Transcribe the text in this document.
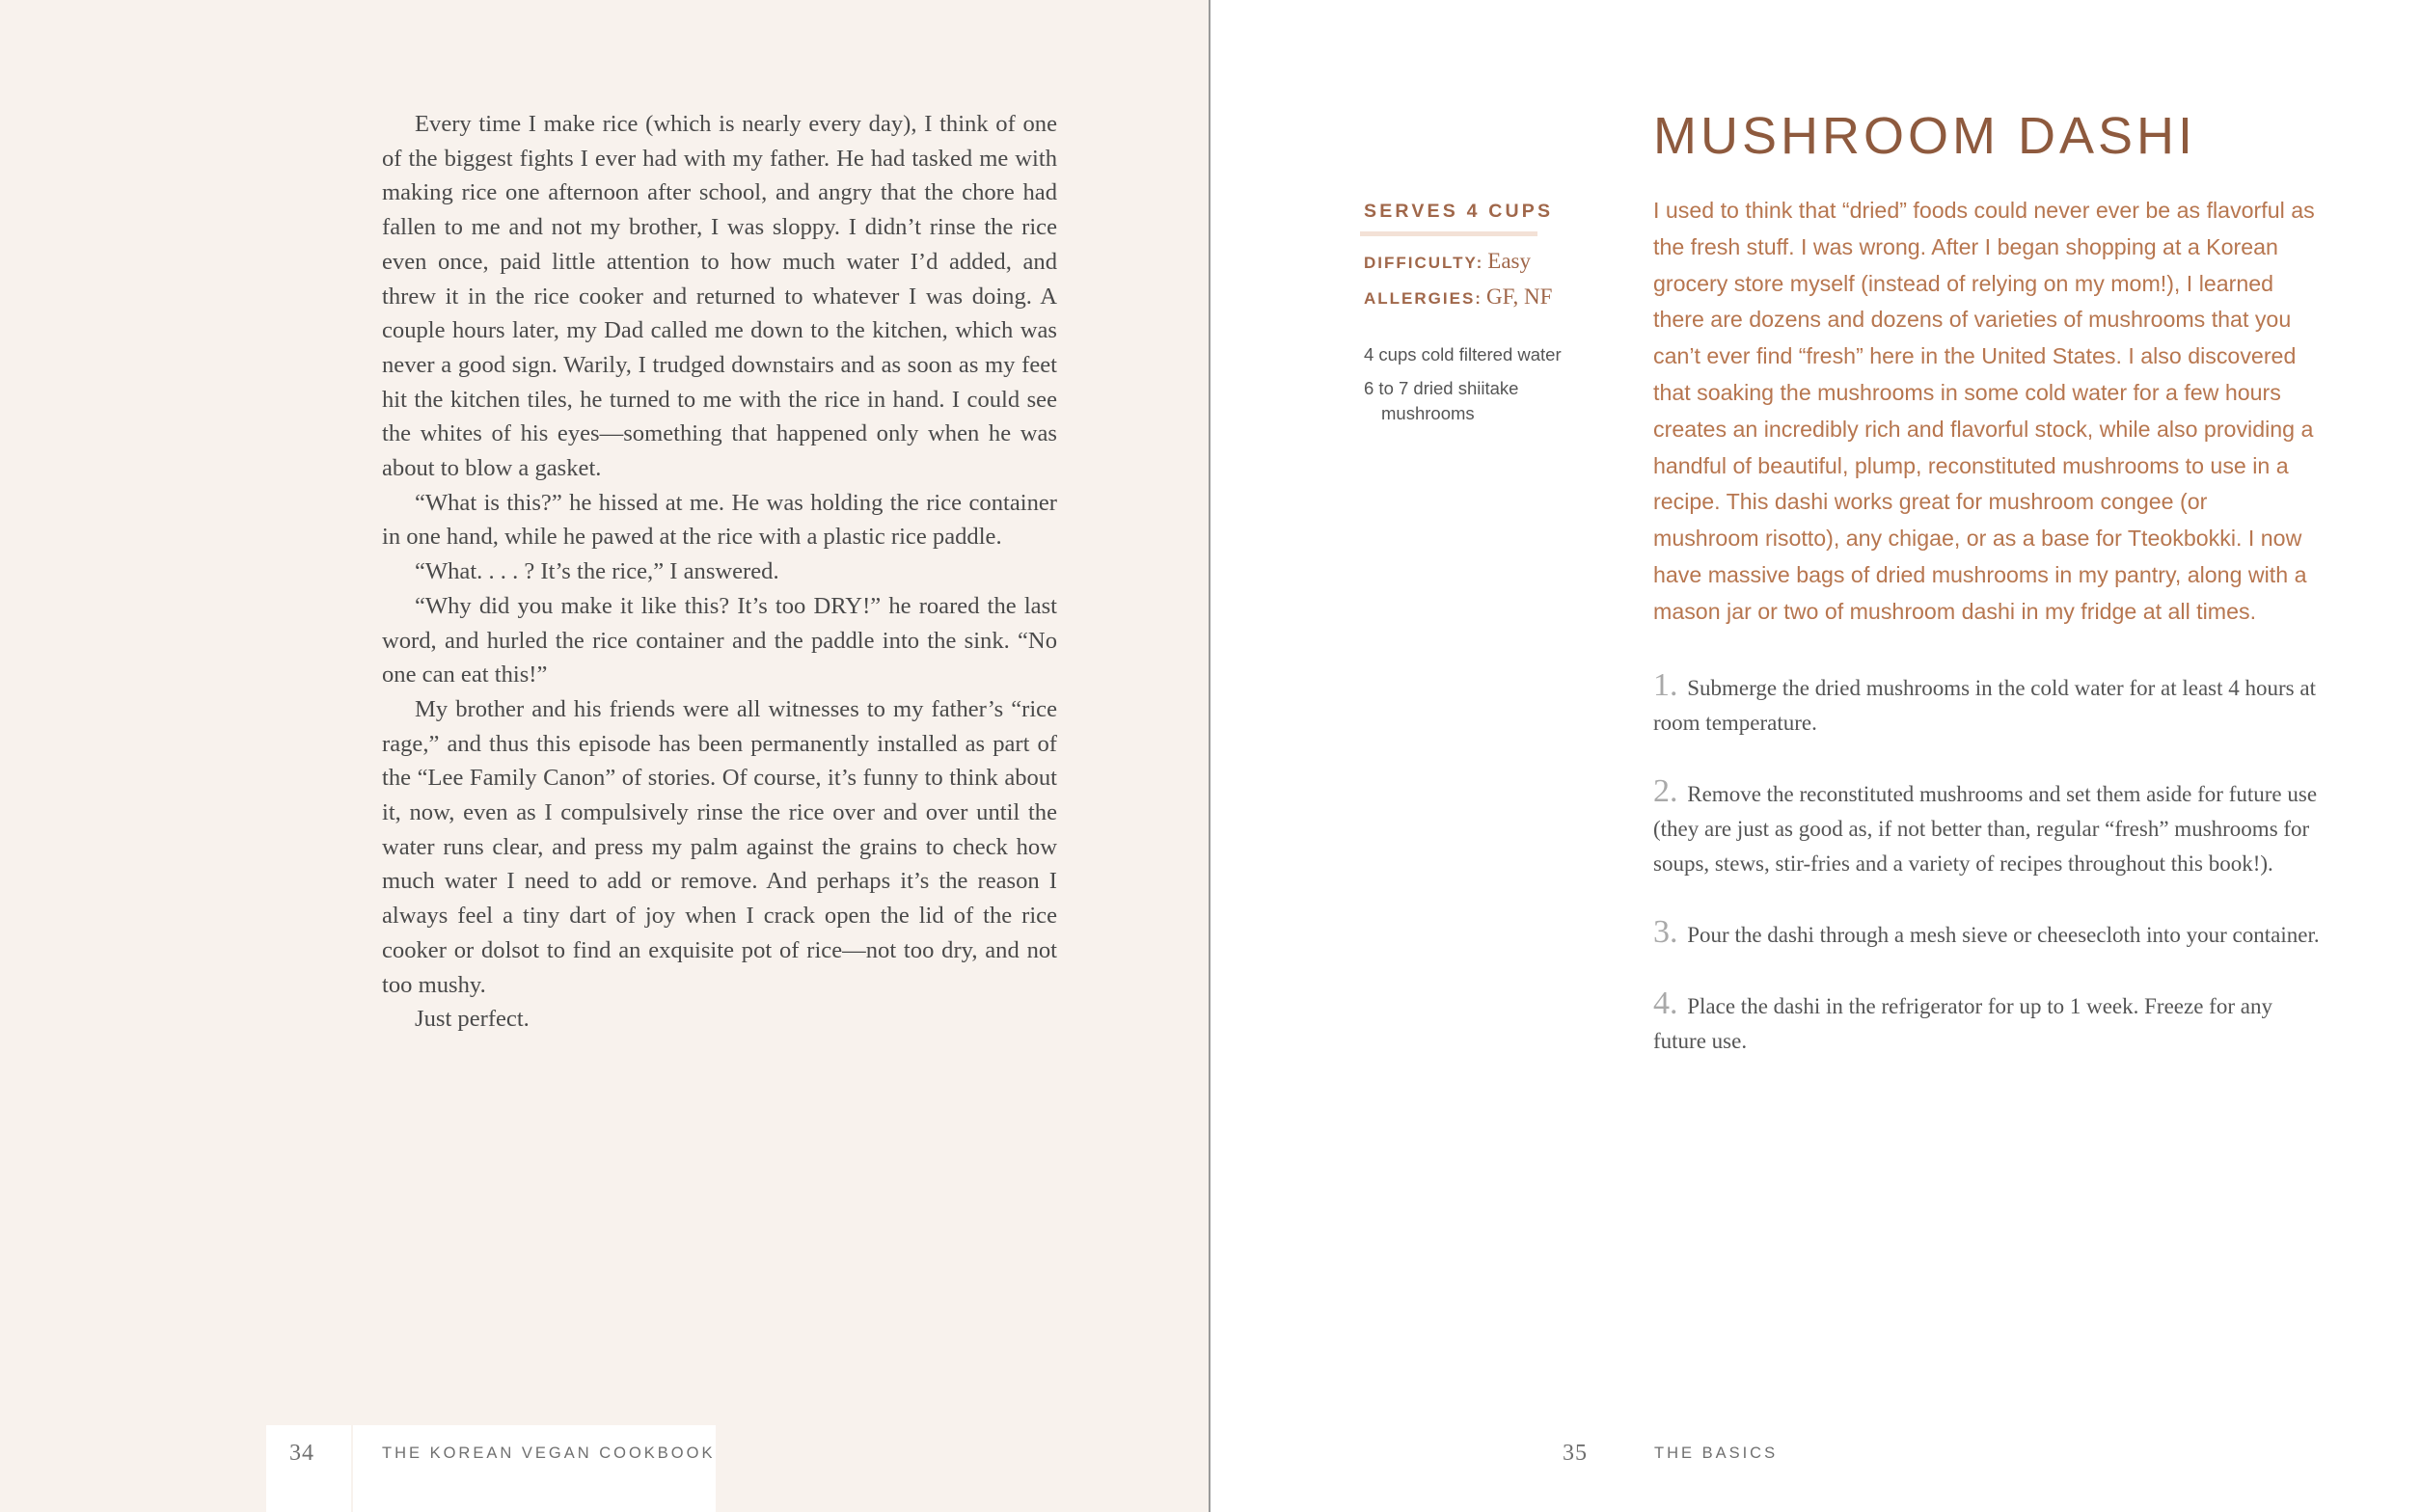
Every time I make rice (which is nearly every day), I think of one of the biggest fights I ever had with my father. He had tasked me with making rice one afternoon after school, and angry that the chore had fallen to me and not my brother, I was sloppy. I didn’t rinse the rice even once, paid little attention to how much water I’d added, and threw it in the rice cooker and returned to whatever I was doing. A couple hours later, my Dad called me down to the kitchen, which was never a good sign. Warily, I trudged downstairs and as soon as my feet hit the kitchen tiles, he turned to me with the rice in hand. I could see the whites of his eyes—something that happened only when he was about to blow a gasket.

“What is this?” he hissed at me. He was holding the rice container in one hand, while he pawed at the rice with a plastic rice paddle.

“What. . . . ? It’s the rice,” I answered.

“Why did you make it like this? It’s too DRY!” he roared the last word, and hurled the rice container and the paddle into the sink. “No one can eat this!”

My brother and his friends were all witnesses to my father’s “rice rage,” and thus this episode has been permanently installed as part of the “Lee Family Canon” of stories. Of course, it’s funny to think about it, now, even as I compulsively rinse the rice over and over until the water runs clear, and press my palm against the grains to check how much water I need to add or remove. And perhaps it’s the reason I always feel a tiny dart of joy when I crack open the lid of the rice cooker or dolsot to find an exquisite pot of rice—not too dry, and not too mushy.

Just perfect.

34	THE KOREAN VEGAN COOKBOOK
MUSHROOM DASHI
SERVES 4 CUPS
DIFFICULTY: Easy
ALLERGIES: GF, NF
4 cups cold filtered water
6 to 7 dried shiitake mushrooms

I used to think that “dried” foods could never ever be as flavorful as the fresh stuff. I was wrong. After I began shopping at a Korean grocery store myself (instead of relying on my mom!), I learned there are dozens and dozens of varieties of mushrooms that you can’t ever find “fresh” here in the United States. I also discovered that soaking the mushrooms in some cold water for a few hours creates an incredibly rich and flavorful stock, while also providing a handful of beautiful, plump, reconstituted mushrooms to use in a recipe. This dashi works great for mushroom congee (or mushroom risotto), any chigae, or as a base for Tteokbokki. I now have massive bags of dried mushrooms in my pantry, along with a mason jar or two of mushroom dashi in my fridge at all times.

1. Submerge the dried mushrooms in the cold water for at least 4 hours at room temperature.

2. Remove the reconstituted mushrooms and set them aside for future use (they are just as good as, if not better than, regular “fresh” mushrooms for soups, stews, stir-fries and a variety of recipes throughout this book!).

3. Pour the dashi through a mesh sieve or cheesecloth into your container.

4. Place the dashi in the refrigerator for up to 1 week. Freeze for any future use.

35	THE BASICS
